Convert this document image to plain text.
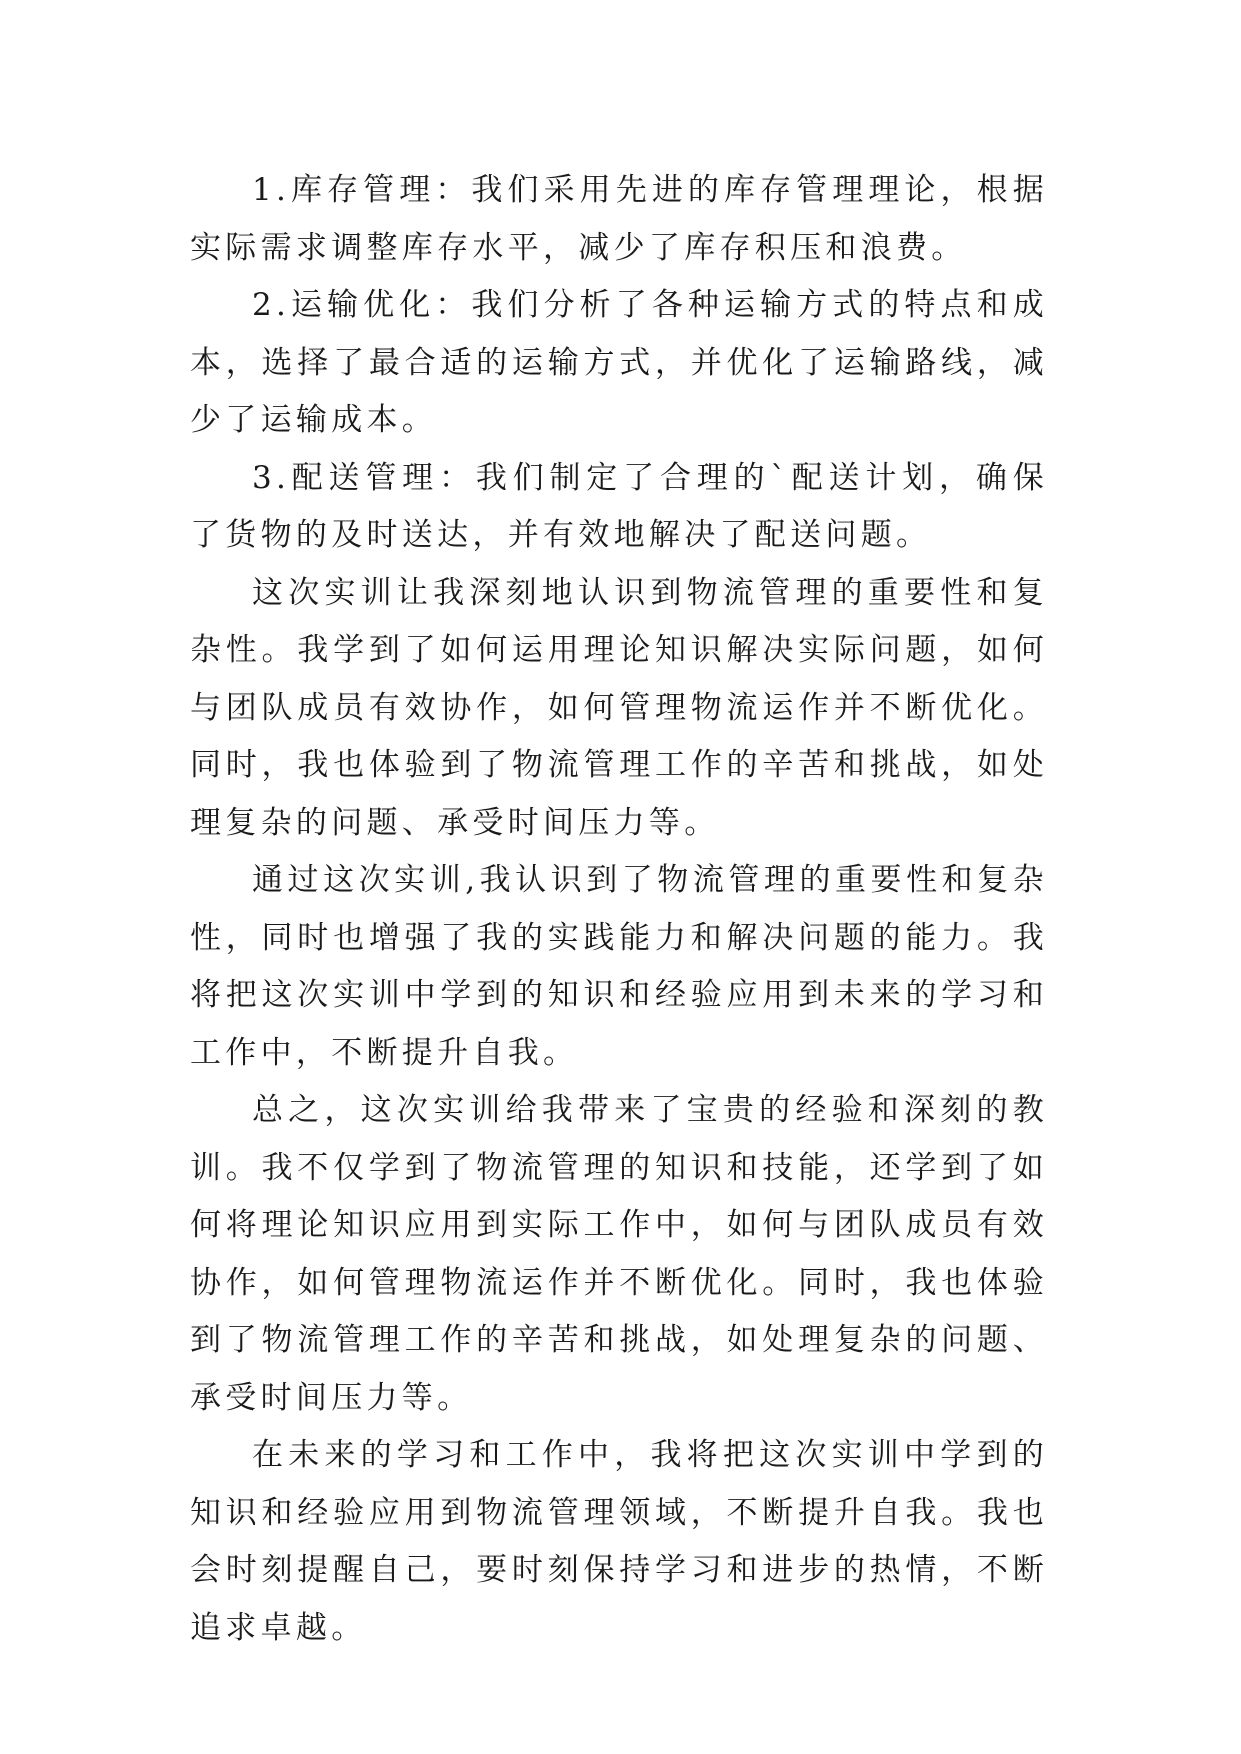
1.库存管理：我们采用先进的库存管理理论，根据实际需求调整库存水平，减少了库存积压和浪费。

2.运输优化：我们分析了各种运输方式的特点和成本，选择了最合适的运输方式，并优化了运输路线，减少了运输成本。

3.配送管理：我们制定了合理的`配送计划，确保了货物的及时送达，并有效地解决了配送问题。

这次实训让我深刻地认识到物流管理的重要性和复杂性。我学到了如何运用理论知识解决实际问题，如何与团队成员有效协作，如何管理物流运作并不断优化。同时，我也体验到了物流管理工作的辛苦和挑战，如处理复杂的问题、承受时间压力等。

通过这次实训,我认识到了物流管理的重要性和复杂性，同时也增强了我的实践能力和解决问题的能力。我将把这次实训中学到的知识和经验应用到未来的学习和工作中，不断提升自我。

总之，这次实训给我带来了宝贵的经验和深刻的教训。我不仅学到了物流管理的知识和技能，还学到了如何将理论知识应用到实际工作中，如何与团队成员有效协作，如何管理物流运作并不断优化。同时，我也体验到了物流管理工作的辛苦和挑战，如处理复杂的问题、承受时间压力等。

在未来的学习和工作中，我将把这次实训中学到的知识和经验应用到物流管理领域，不断提升自我。我也会时刻提醒自己，要时刻保持学习和进步的热情，不断追求卓越。
